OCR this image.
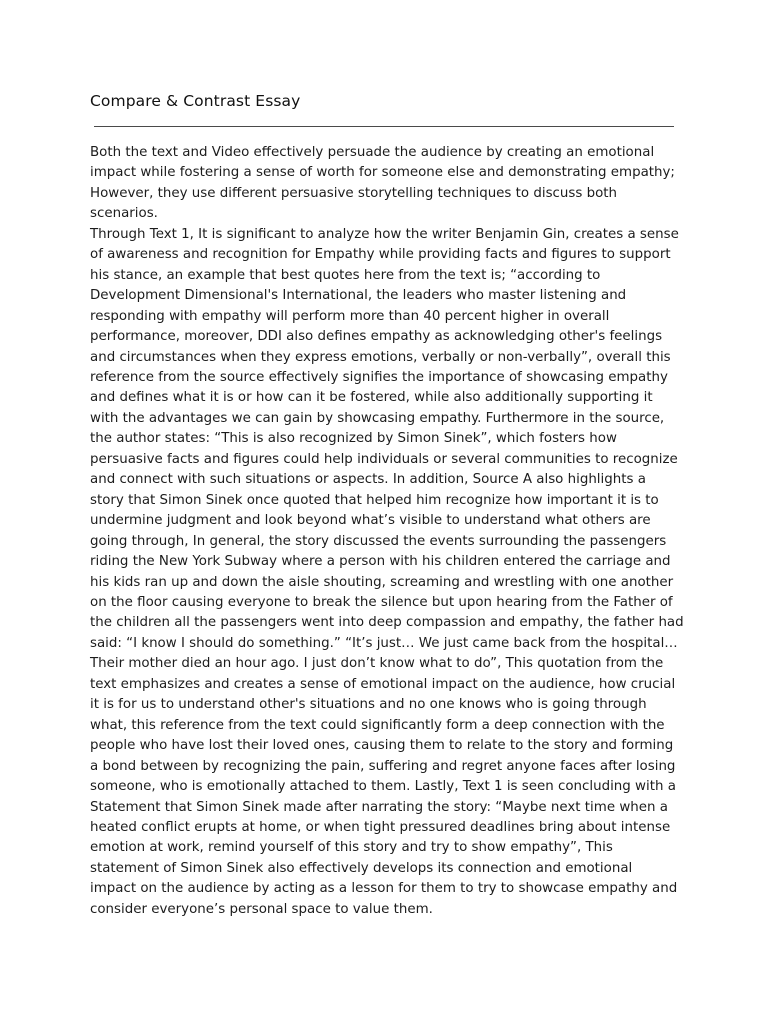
Compare & Contrast Essay
Both the text and Video effectively persuade the audience by creating an emotional
impact while fostering a sense of worth for someone else and demonstrating empathy;
However, they use different persuasive storytelling techniques to discuss both
scenarios.
Through Text 1, It is significant to analyze how the writer Benjamin Gin, creates a sense
of awareness and recognition for Empathy while providing facts and figures to support
his stance, an example that best quotes here from the text is; “according to
Development Dimensional's International, the leaders who master listening and
responding with empathy will perform more than 40 percent higher in overall
performance, moreover, DDI also defines empathy as acknowledging other's feelings
and circumstances when they express emotions, verbally or non-verbally”, overall this
reference from the source effectively signifies the importance of showcasing empathy
and defines what it is or how can it be fostered, while also additionally supporting it
with the advantages we can gain by showcasing empathy. Furthermore in the source,
the author states: “This is also recognized by Simon Sinek”, which fosters how
persuasive facts and figures could help individuals or several communities to recognize
and connect with such situations or aspects. In addition, Source A also highlights a
story that Simon Sinek once quoted that helped him recognize how important it is to
undermine judgment and look beyond what’s visible to understand what others are
going through, In general, the story discussed the events surrounding the passengers
riding the New York Subway where a person with his children entered the carriage and
his kids ran up and down the aisle shouting, screaming and wrestling with one another
on the floor causing everyone to break the silence but upon hearing from the Father of
the children all the passengers went into deep compassion and empathy, the father had
said: “I know I should do something.” “It’s just… We just came back from the hospital…
Their mother died an hour ago. I just don’t know what to do”, This quotation from the
text emphasizes and creates a sense of emotional impact on the audience, how crucial
it is for us to understand other's situations and no one knows who is going through
what, this reference from the text could significantly form a deep connection with the
people who have lost their loved ones, causing them to relate to the story and forming
a bond between by recognizing the pain, suffering and regret anyone faces after losing
someone, who is emotionally attached to them. Lastly, Text 1 is seen concluding with a
Statement that Simon Sinek made after narrating the story: “Maybe next time when a
heated conflict erupts at home, or when tight pressured deadlines bring about intense
emotion at work, remind yourself of this story and try to show empathy”, This
statement of Simon Sinek also effectively develops its connection and emotional
impact on the audience by acting as a lesson for them to try to showcase empathy and
consider everyone’s personal space to value them.
